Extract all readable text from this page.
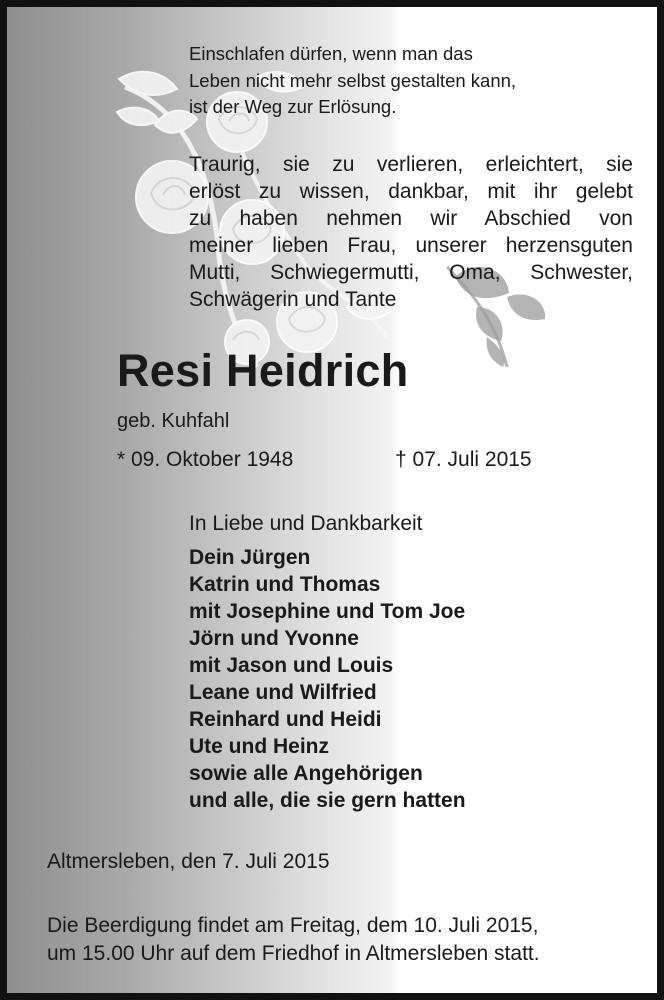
Einschlafen dürfen, wenn man das
Leben nicht mehr selbst gestalten kann,
ist der Weg zur Erlösung.
Traurig, sie zu verlieren, erleichtert, sie
erlöst zu wissen, dankbar, mit ihr gelebt
zu haben nehmen wir Abschied von
meiner lieben Frau, unserer herzensguten
Mutti, Schwiegermutti, Oma, Schwester,
Schwägerin und Tante
Resi Heidrich
geb. Kuhfahl
* 09. Oktober 1948	† 07. Juli 2015
In Liebe und Dankbarkeit
Dein Jürgen
Katrin und Thomas
mit Josephine und Tom Joe
Jörn und Yvonne
mit Jason und Louis
Leane und Wilfried
Reinhard und Heidi
Ute und Heinz
sowie alle Angehörigen
und alle, die sie gern hatten
Altmersleben, den 7. Juli 2015
Die Beerdigung findet am Freitag, dem 10. Juli 2015,
um 15.00 Uhr auf dem Friedhof in Altmersleben statt.
